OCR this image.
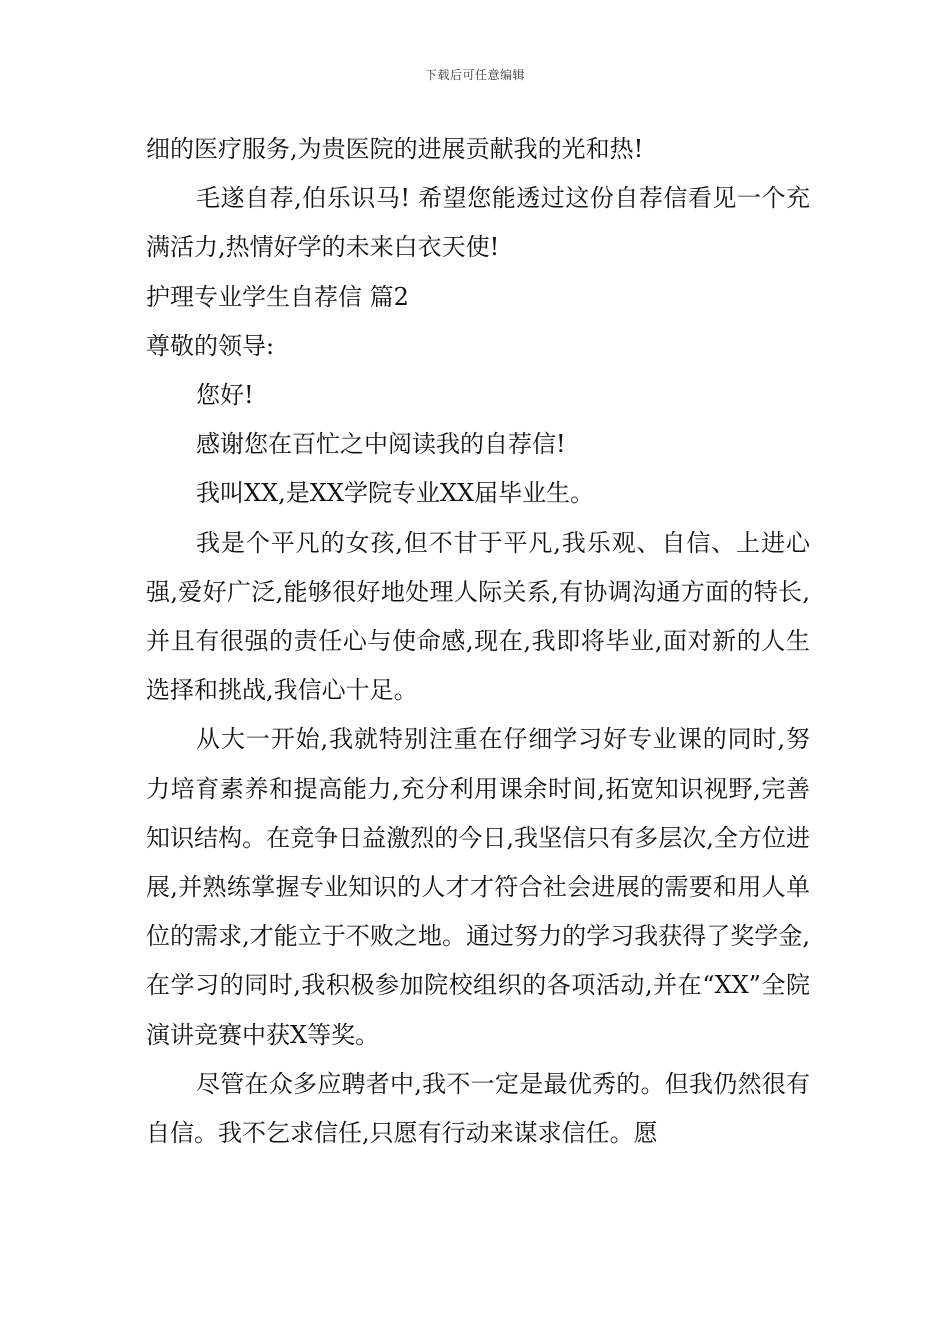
下载后可任意编辑

细的医疗服务,为贵医院的进展贡献我的光和热!

毛遂自荐,伯乐识马! 希望您能透过这份自荐信看见一个充满活力,热情好学的未来白衣天使!

护理专业学生自荐信 篇2

尊敬的领导:

您好!

感谢您在百忙之中阅读我的自荐信!

我叫XX,是XX学院专业XX届毕业生。

我是个平凡的女孩,但不甘于平凡,我乐观、自信、上进心强,爱好广泛,能够很好地处理人际关系,有协调沟通方面的特长,并且有很强的责任心与使命感,现在,我即将毕业,面对新的人生选择和挑战,我信心十足。

从大一开始,我就特别注重在仔细学习好专业课的同时,努力培育素养和提高能力,充分利用课余时间,拓宽知识视野,完善知识结构。在竞争日益激烈的今日,我坚信只有多层次,全方位进展,并熟练掌握专业知识的人才才符合社会进展的需要和用人单位的需求,才能立于不败之地。通过努力的学习我获得了奖学金,在学习的同时,我积极参加院校组织的各项活动,并在“XX”全院演讲竞赛中获X等奖。

尽管在众多应聘者中,我不一定是最优秀的。但我仍然很有自信。我不乞求信任,只愿有行动来谋求信任。愿
